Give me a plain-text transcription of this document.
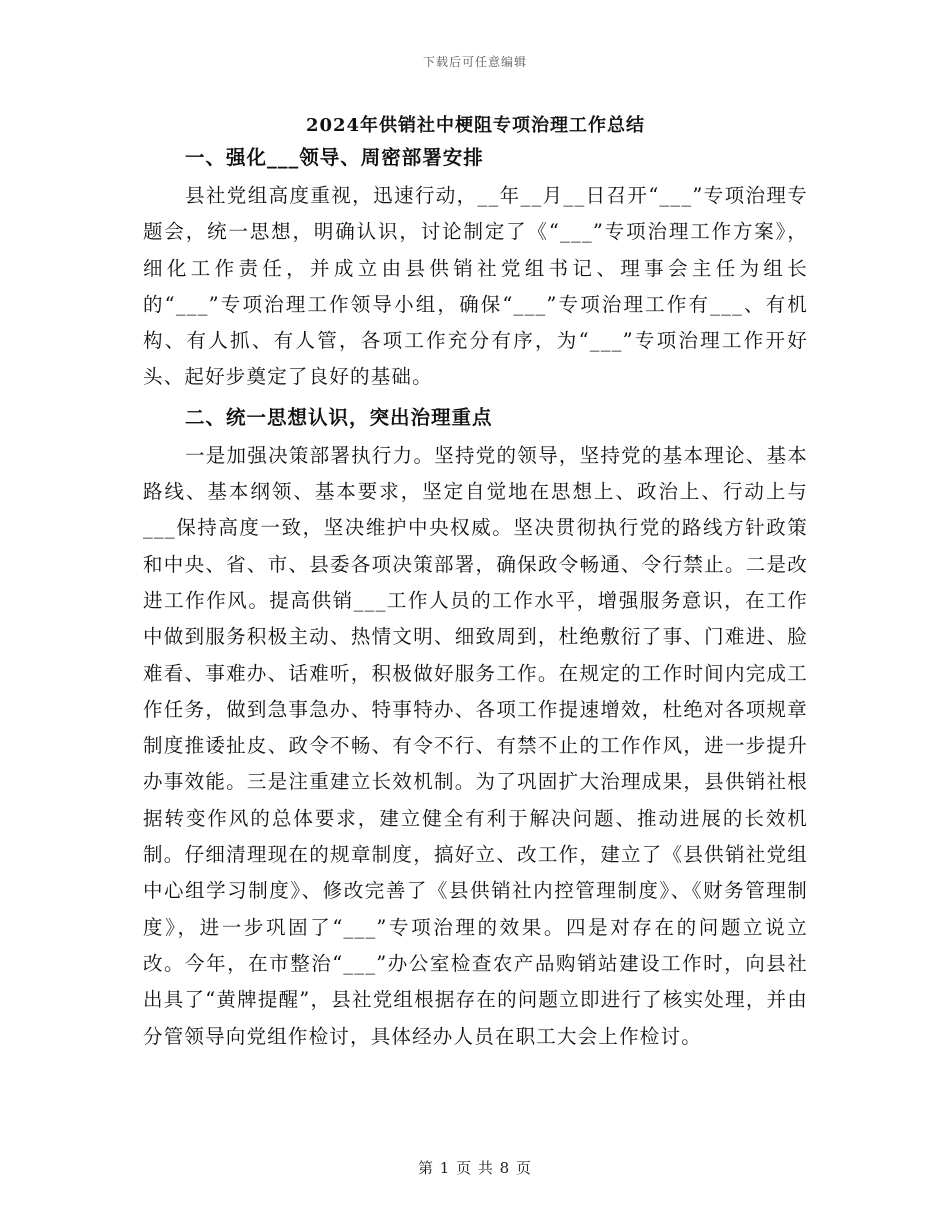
下载后可任意编辑
2024年供销社中梗阻专项治理工作总结
一、强化___领导、周密部署安排

县社党组高度重视，迅速行动，__年__月__日召开“___”专项治理专题会，统一思想，明确认识，讨论制定了《“___”专项治理工作方案》，细化工作责任，并成立由县供销社党组书记、理事会主任为组长的“___”专项治理工作领导小组，确保“___”专项治理工作有___、有机构、有人抓、有人管，各项工作充分有序，为“___”专项治理工作开好头、起好步奠定了良好的基础。

二、统一思想认识，突出治理重点

一是加强决策部署执行力。坚持党的领导，坚持党的基本理论、基本路线、基本纲领、基本要求，坚定自觉地在思想上、政治上、行动上与___保持高度一致，坚决维护中央权威。坚决贯彻执行党的路线方针政策和中央、省、市、县委各项决策部署，确保政令畅通、令行禁止。二是改进工作作风。提高供销___工作人员的工作水平，增强服务意识，在工作中做到服务积极主动、热情文明、细致周到，杜绝敷衍了事、门难进、脸难看、事难办、话难听，积极做好服务工作。在规定的工作时间内完成工作任务，做到急事急办、特事特办、各项工作提速增效，杜绝对各项规章制度推诿扯皮、政令不畅、有令不行、有禁不止的工作作风，进一步提升办事效能。三是注重建立长效机制。为了巩固扩大治理成果，县供销社根据转变作风的总体要求，建立健全有利于解决问题、推动进展的长效机制。仔细清理现在的规章制度，搞好立、改工作，建立了《县供销社党组中心组学习制度》、修改完善了《县供销社内控管理制度》、《财务管理制度》，进一步巩固了“___”专项治理的效果。四是对存在的问题立说立改。今年，在市整治“___”办公室检查农产品购销站建设工作时，向县社出具了“黄牌提醒”，县社党组根据存在的问题立即进行了核实处理，并由分管领导向党组作检讨，具体经办人员在职工大会上作检讨。

第 1 页 共 8 页
